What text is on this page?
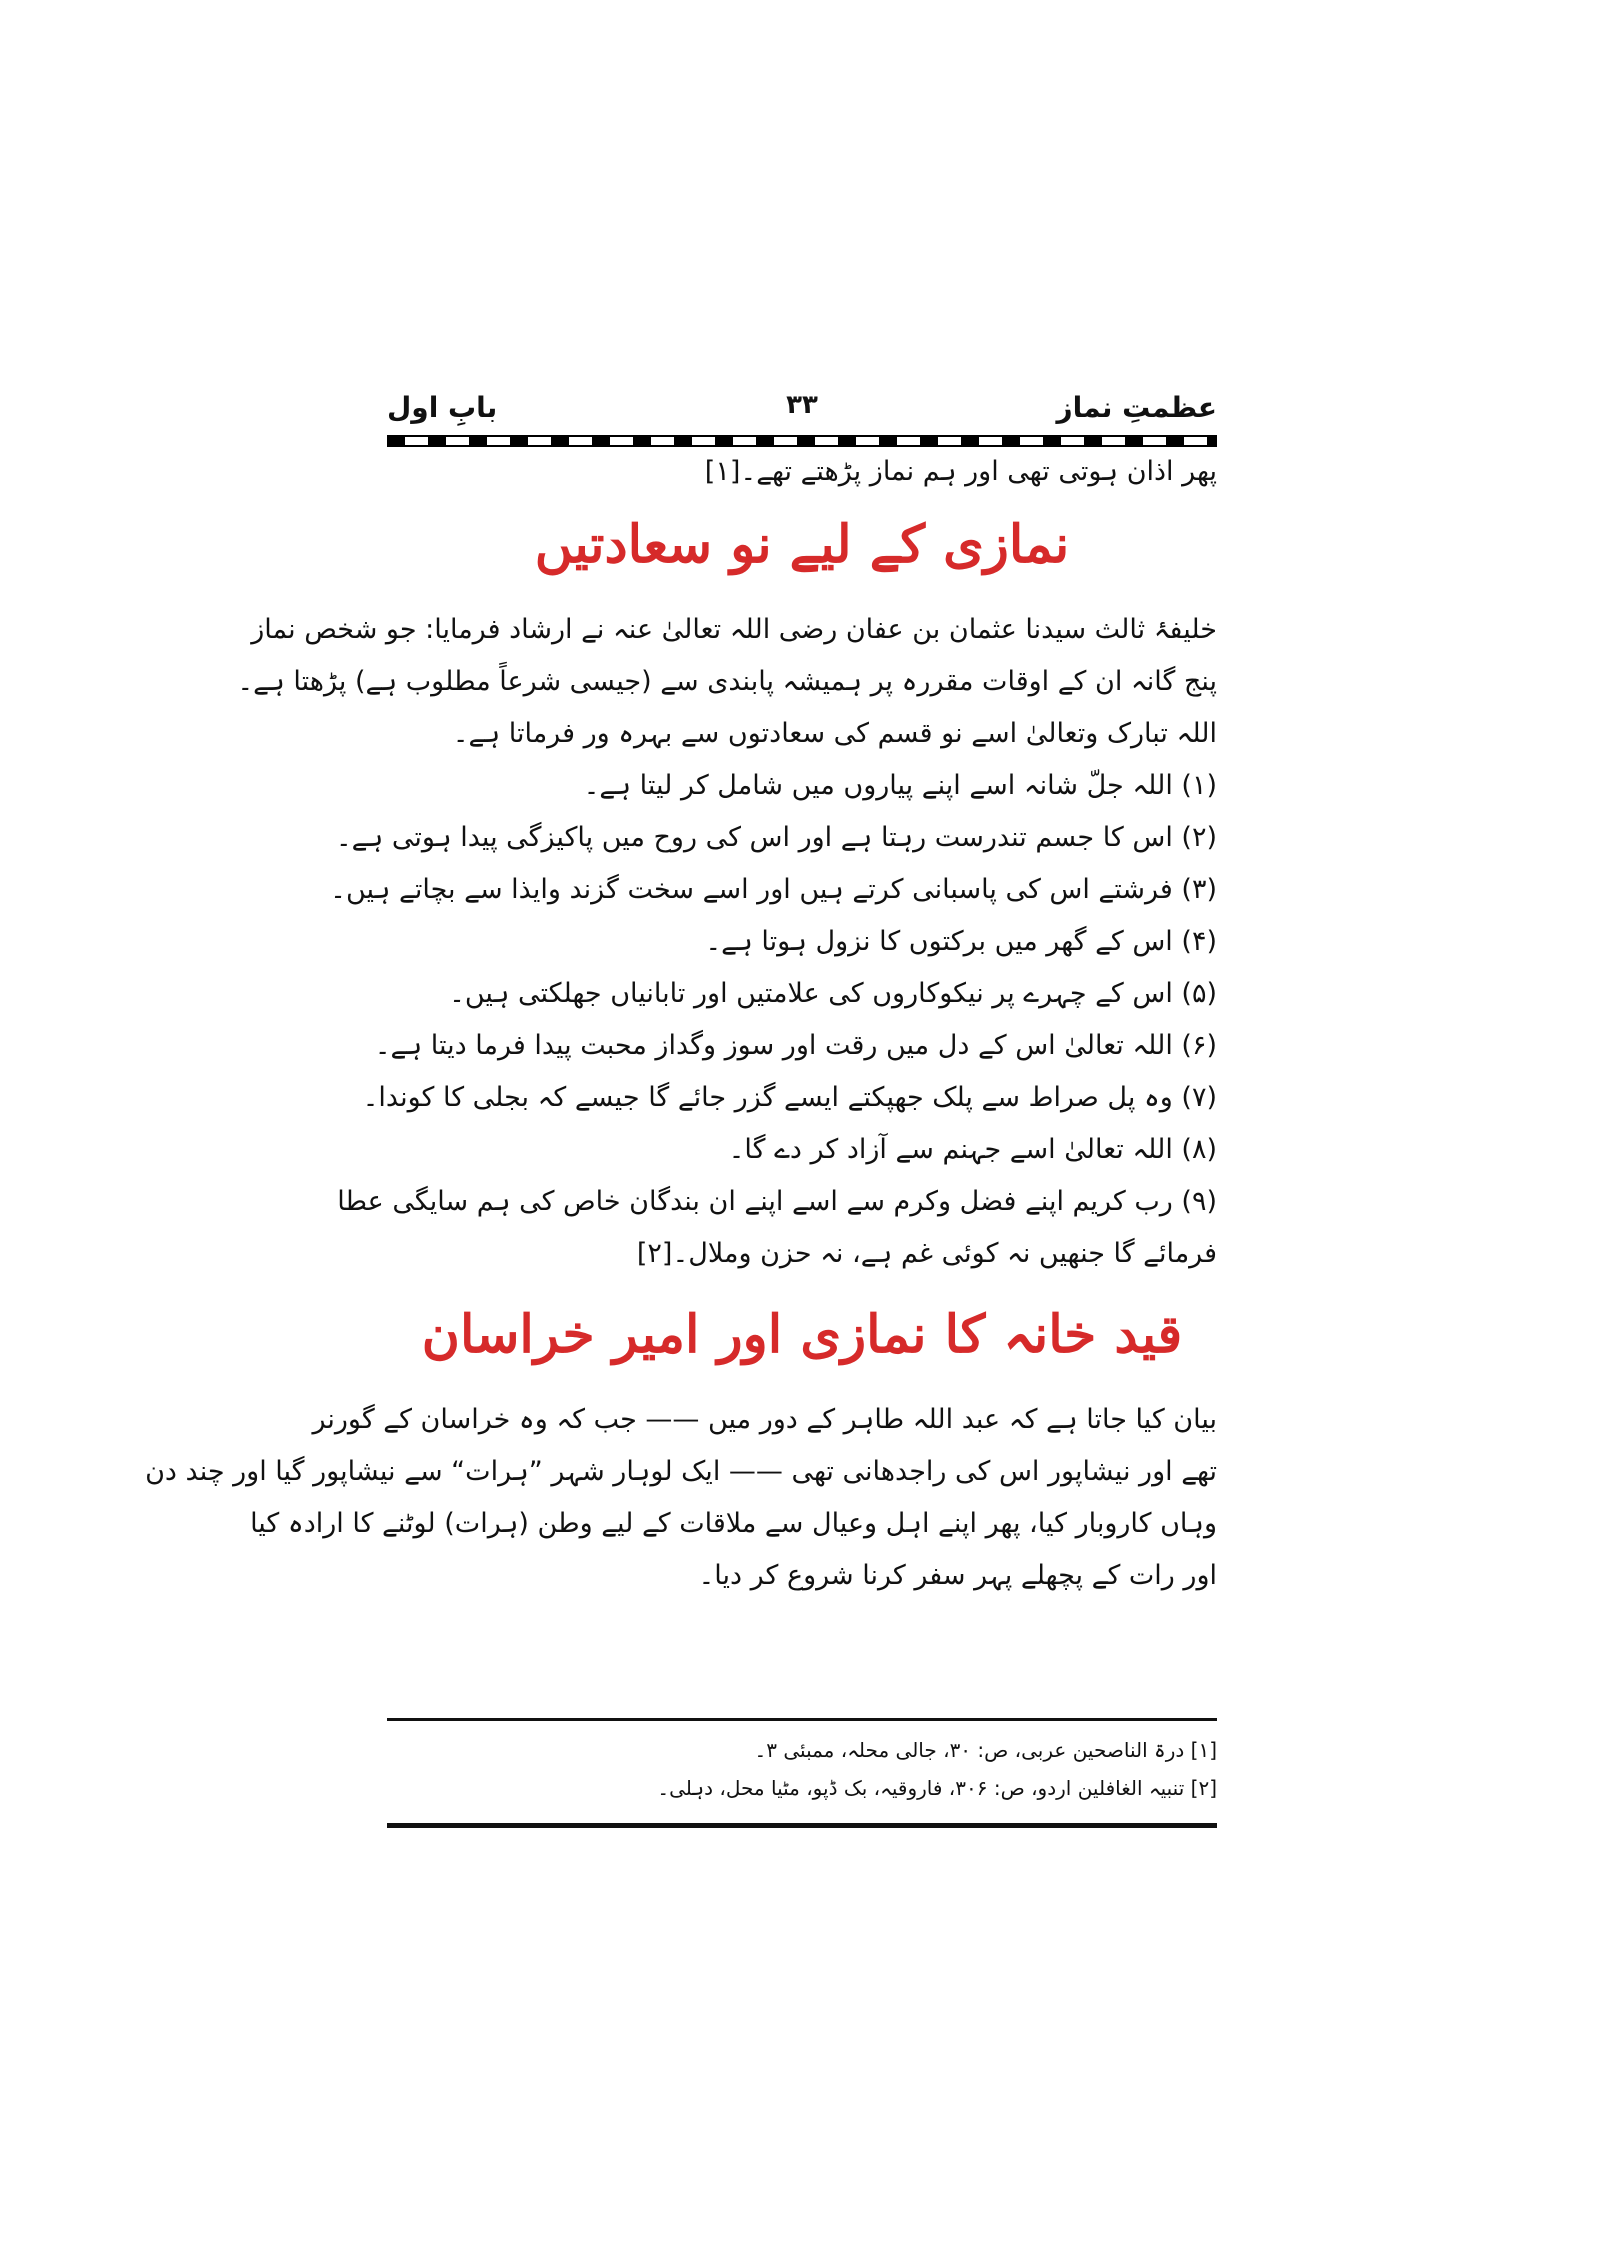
عظمتِ نماز
۳۳
بابِ اول
پھر اذان ہوتی تھی اور ہم نماز پڑھتے تھے۔[۱]
نمازی کے لیے نو سعادتیں
خلیفۂ ثالث سیدنا عثمان بن عفان رضی اللہ تعالیٰ عنہ نے ارشاد فرمایا: جو شخص نماز
پنج گانہ ان کے اوقات مقررہ پر ہمیشہ پابندی سے (جیسی شرعاً مطلوب ہے) پڑھتا ہے۔
اللہ تبارک وتعالیٰ اسے نو قسم کی سعادتوں سے بہرہ ور فرماتا ہے۔
(۱) اللہ جلّ شانہ اسے اپنے پیاروں میں شامل کر لیتا ہے۔
(۲) اس کا جسم تندرست رہتا ہے اور اس کی روح میں پاکیزگی پیدا ہوتی ہے۔
(۳) فرشتے اس کی پاسبانی کرتے ہیں اور اسے سخت گزند وایذا سے بچاتے ہیں۔
(۴) اس کے گھر میں برکتوں کا نزول ہوتا ہے۔
(۵) اس کے چہرے پر نیکوکاروں کی علامتیں اور تابانیاں جھلکتی ہیں۔
(۶) اللہ تعالیٰ اس کے دل میں رقت اور سوز وگداز محبت پیدا فرما دیتا ہے۔
(۷) وہ پل صراط سے پلک جھپکتے ایسے گزر جائے گا جیسے کہ بجلی کا کوندا۔
(۸) اللہ تعالیٰ اسے جہنم سے آزاد کر دے گا۔
(۹) رب کریم اپنے فضل وکرم سے اسے اپنے ان بندگان خاص کی ہم سایگی عطا
فرمائے گا جنھیں نہ کوئی غم ہے، نہ حزن وملال۔[۲]
قید خانہ کا نمازی اور امیر خراسان
بیان کیا جاتا ہے کہ عبد اللہ طاہر کے دور میں —— جب کہ وہ خراسان کے گورنر
تھے اور نیشاپور اس کی راجدھانی تھی —— ایک لوہار شہر ”ہرات“ سے نیشاپور گیا اور چند دن
وہاں کاروبار کیا، پھر اپنے اہل وعیال سے ملاقات کے لیے وطن (ہرات) لوٹنے کا ارادہ کیا
اور رات کے پچھلے پہر سفر کرنا شروع کر دیا۔
[۱] درۃ الناصحین عربی، ص: ۳۰، جالی محلہ، ممبئی ۳۔
[۲] تنبیہ الغافلین اردو، ص: ۳۰۶، فاروقیہ، بک ڈپو، مٹیا محل، دہلی۔
